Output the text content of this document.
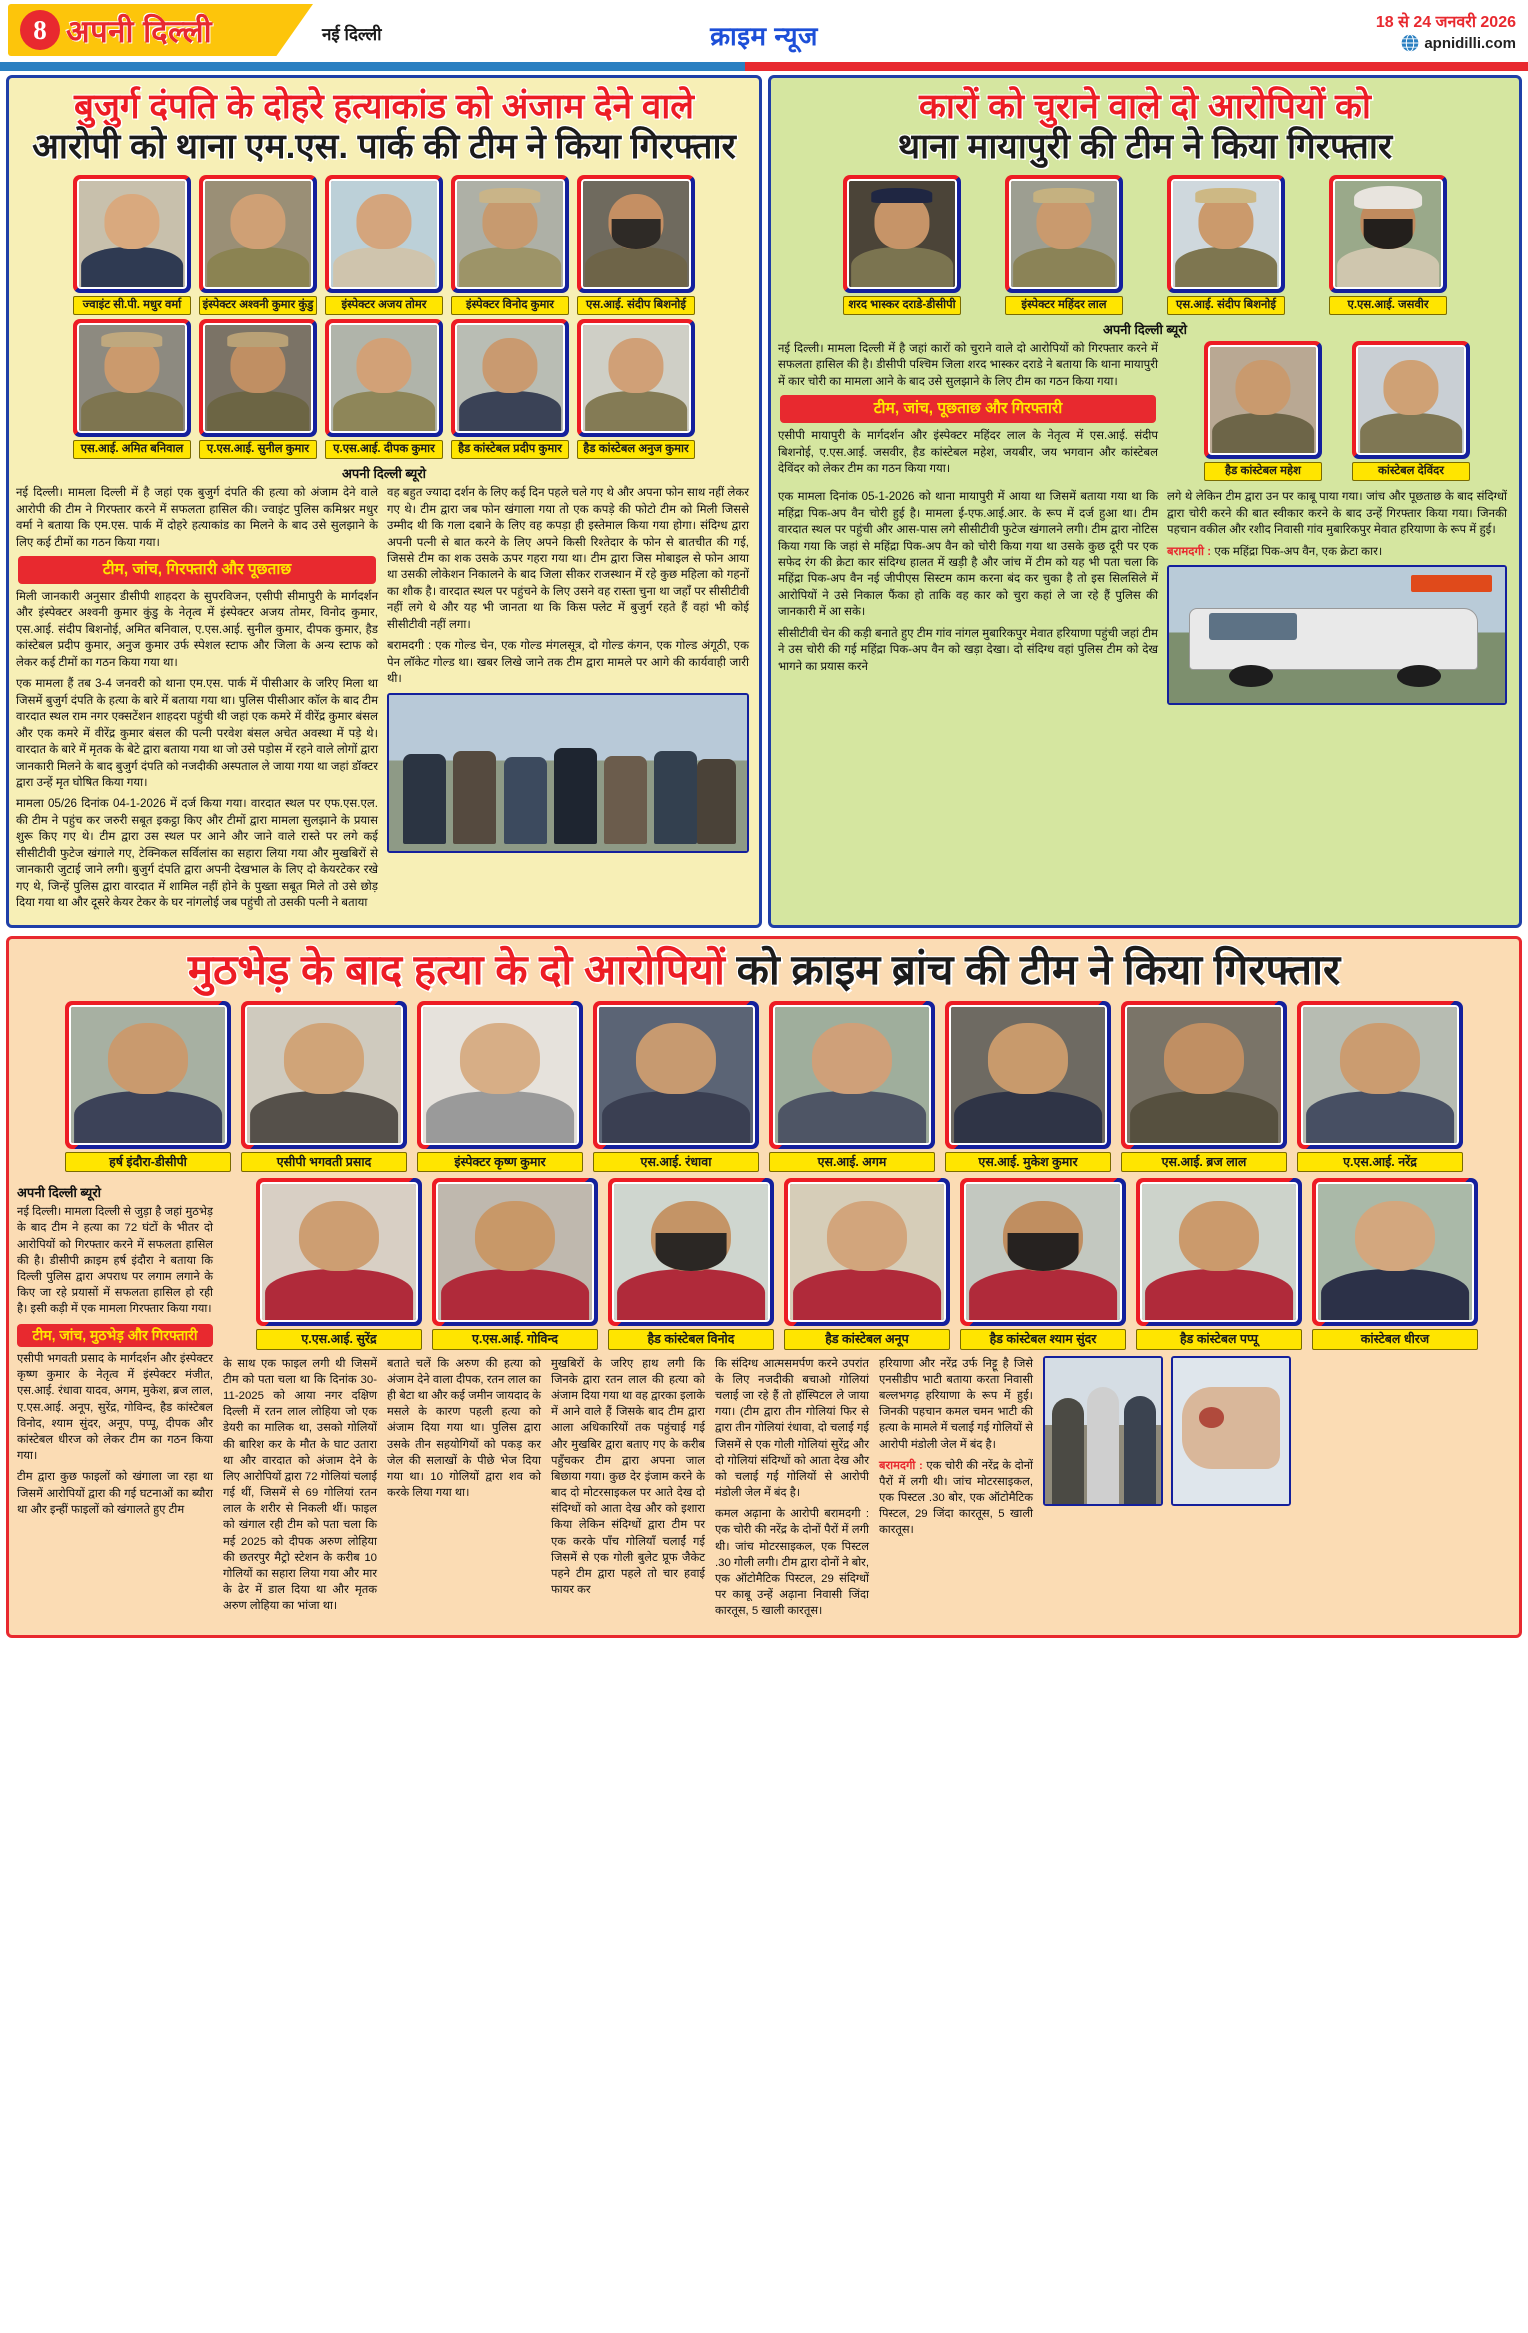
8 अपनी दिल्ली	नई दिल्ली	क्राइम न्यूज	18 से 24 जनवरी 2026
apnidilli.com
बुजुर्ग दंपति के दोहरे हत्याकांड को अंजाम देने वाले
आरोपी को थाना एम.एस. पार्क की टीम ने किया गिरफ्तार
ज्वाइंट सी.पी. मधुर वर्मा	इंस्पेक्टर अश्वनी कुमार कुंडु	इंस्पेक्टर अजय तोमर	इंस्पेक्टर विनोद कुमार	एस.आई. संदीप बिशनोई
एस.आई. अमित बनिवाल	ए.एस.आई. सुनील कुमार	ए.एस.आई. दीपक कुमार	हैड कांस्टेबल प्रदीप कुमार	हैड कांस्टेबल अनुज कुमार
अपनी दिल्ली ब्यूरो

नई दिल्ली। मामला दिल्ली में है जहां एक बुजुर्ग दंपति की हत्या को अंजाम देने वाले आरोपी की टीम ने गिरफ्तार करने में सफलता हासिल की। ज्वाइंट पुलिस कमिश्नर मधुर वर्मा ने बताया कि एम.एस. पार्क में दोहरे हत्याकांड का मिलने के बाद उसे सुलझाने के लिए कई टीमों का गठन किया गया।

टीम, जांच, गिरफ्तारी और पूछताछ

मिली जानकारी अनुसार डीसीपी शाहदरा के सुपरविजन, एसीपी सीमापुरी के मार्गदर्शन और इंस्पेक्टर अश्वनी कुमार कुंडु के नेतृत्व में इंस्पेक्टर अजय तोमर, विनोद कुमार, एस.आई. संदीप बिशनोई, अमित बनिवाल, ए.एस.आई. सुनील कुमार, दीपक कुमार, हैड कांस्टेबल प्रदीप कुमार, अनुज कुमार उर्फ स्पेशल स्टाफ और जिला के अन्य स्टाफ को लेकर कई टीमों का गठन किया गया था।

एक मामला हैं तब 3-4 जनवरी को थाना एम.एस. पार्क में पीसीआर के जरिए मिला था जिसमें बुजुर्ग दंपति के हत्या के बारे में बताया गया था। पुलिस पीसीआर कॉल के बाद टीम वारदात स्थल राम नगर एक्सटेंशन शाहदरा पहुंची थी जहां एक कमरे में वीरेंद्र कुमार बंसल और एक कमरे में वीरेंद्र कुमार बंसल की पत्नी परवेश बंसल अचेत अवस्था में पड़े थे। वारदात के बारे में मृतक के बेटे द्वारा बताया गया था जो उसे पड़ोस में रहने वाले लोगों द्वारा जानकारी मिलने के बाद बुजुर्ग दंपति को नजदीकी अस्पताल ले जाया गया था जहां डॉक्टर द्वारा उन्हें मृत घोषित किया गया।

मामला 05/26 दिनांक 04-1-2026 में दर्ज किया गया। वारदात स्थल पर एफ.एस.एल. की टीम ने पहुंच कर जरुरी सबूत इकट्ठा किए और टीमों द्वारा मामला सुलझाने के प्रयास शुरू किए गए थे। टीम द्वारा उस स्थल पर आने और जाने वाले रास्ते पर लगे कई सीसीटीवी फुटेज खंगाले गए, टेक्निकल सर्विलांस का सहारा लिया गया और मुखबिरों से जानकारी जुटाई जाने लगी। बुजुर्ग दंपति द्वारा अपनी देखभाल के लिए दो केयरटेकर रखे गए थे, जिन्हें पुलिस द्वारा वारदात में शामिल नहीं होने के पुख्ता सबूत मिले तो उसे छोड़ दिया गया था और दूसरे केयर टेकर के घर नांगलोई जब पहुंची तो उसकी पत्नी ने बताया

वह बहुत ज्यादा दर्शन के लिए कई दिन पहले चले गए थे और अपना फोन साथ नहीं लेकर गए थे। टीम द्वारा जब फोन खंगाला गया तो एक कपड़े की फोटो टीम को मिली जिससे उम्मीद थी कि गला दबाने के लिए वह कपड़ा ही इस्तेमाल किया गया होगा। संदिग्ध द्वारा अपनी पत्नी से बात करने के लिए अपने किसी रिश्तेदार के फोन से बातचीत की गई, जिससे टीम का शक उसके ऊपर गहरा गया था। टीम द्वारा जिस मोबाइल से फोन आया था उसकी लोकेशन निकालने के बाद जिला सीकर राजस्थान में रहे कुछ महिला को गहनों का शौक है। वारदात स्थल पर पहुंचने के लिए उसने वह रास्ता चुना था जहाँ पर सीसीटीवी नहीं लगे थे और यह भी जानता था कि किस फ्लेट में बुजुर्ग रहते हैं वहां भी कोई सीसीटीवी नहीं लगा।

बरामदगी : एक गोल्ड चेन, एक गोल्ड मंगलसूत्र, दो गोल्ड कंगन, एक गोल्ड अंगूठी, एक पेन लॉकेट गोल्ड था। खबर लिखे जाने तक टीम द्वारा मामले पर आगे की कार्यवाही जारी थी।

कारों को चुराने वाले दो आरोपियों को
थाना मायापुरी की टीम ने किया गिरफ्तार
शरद भास्कर दराडे-डीसीपी	इंस्पेक्टर महिंदर लाल	एस.आई. संदीप बिशनोई	ए.एस.आई. जसवीर
अपनी दिल्ली ब्यूरो

नई दिल्ली। मामला दिल्ली में है जहां कारों को चुराने वाले दो आरोपियों को गिरफ्तार करने में सफलता हासिल की है। डीसीपी पश्चिम जिला शरद भास्कर दराडे ने बताया कि थाना मायापुरी में कार चोरी का मामला आने के बाद उसे सुलझाने के लिए टीम का गठन किया गया।

टीम, जांच, पूछताछ और गिरफ्तारी

एसीपी मायापुरी के मार्गदर्शन और इंस्पेक्टर महिंदर लाल के नेतृत्व में एस.आई. संदीप बिशनोई, ए.एस.आई. जसवीर, हैड कांस्टेबल महेश, जयबीर, जय भगवान और कांस्टेबल देविंदर को लेकर टीम का गठन किया गया।	हैड कांस्टेबल महेश	कांस्टेबल देविंदर

एक मामला दिनांक 05-1-2026 को थाना मायापुरी में आया था जिसमें बताया गया था कि महिंद्रा पिक-अप वैन चोरी हुई है। मामला ई-एफ.आई.आर. के रूप में दर्ज हुआ था। टीम वारदात स्थल पर पहुंची और आस-पास लगे सीसीटीवी फुटेज खंगालने लगी। टीम द्वारा नोटिस किया गया कि जहां से महिंद्रा पिक-अप वैन को चोरी किया गया था उसके कुछ दूरी पर एक सफेद रंग की क्रेटा कार संदिग्ध हालत में खड़ी है और जांच में टीम को यह भी पता चला कि महिंद्रा पिक-अप वैन नई जीपीएस सिस्टम काम करना बंद कर चुका है तो इस सिलसिले में आरोपियों ने उसे निकाल फैंका हो ताकि वह कार को चुरा कहां ले जा रहे हैं पुलिस की जानकारी में आ सके।

सीसीटीवी चेन की कड़ी बनाते हुए टीम गांव नांगल मुबारिकपुर मेवात हरियाणा पहुंची जहां टीम ने उस चोरी की गई महिंद्रा पिक-अप वैन को खड़ा देखा। दो संदिग्ध वहां पुलिस टीम को देख भागने का प्रयास करने

लगे थे लेकिन टीम द्वारा उन पर काबू पाया गया। जांच और पूछताछ के बाद संदिग्धों द्वारा चोरी करने की बात स्वीकार करने के बाद उन्हें गिरफ्तार किया गया। जिनकी पहचान वकील और रशीद निवासी गांव मुबारिकपुर मेवात हरियाणा के रूप में हुई।

बरामदगी : एक महिंद्रा पिक-अप वैन, एक क्रेटा कार।

मुठभेड़ के बाद हत्या के दो आरोपियों को क्राइम ब्रांच की टीम ने किया गिरफ्तार
हर्ष इंदौरा-डीसीपी	एसीपी भगवती प्रसाद	इंस्पेक्टर कृष्ण कुमार	एस.आई. रंधावा	एस.आई. अगम	एस.आई. मुकेश कुमार	एस.आई. ब्रज लाल	ए.एस.आई. नरेंद्र
अपनी दिल्ली ब्यूरो

नई दिल्ली। मामला दिल्ली से जुड़ा है जहां मुठभेड़ के बाद टीम ने हत्या का 72 घंटों के भीतर दो आरोपियों को गिरफ्तार करने में सफलता हासिल की है। डीसीपी क्राइम हर्ष इंदौरा ने बताया कि दिल्ली पुलिस द्वारा अपराध पर लगाम लगाने के किए जा रहे प्रयासों में सफलता हासिल हो रही है। इसी कड़ी में एक मामला गिरफ्तार किया गया।

टीम, जांच, मुठभेड़ और गिरफ्तारी

एसीपी भगवती प्रसाद के मार्गदर्शन और इंस्पेक्टर कृष्ण कुमार के नेतृत्व में इंस्पेक्टर मंजीत, एस.आई. रंधावा यादव, अगम, मुकेश, ब्रज लाल, ए.एस.आई. अनूप, सुरेंद्र, गोविन्द, हैड कांस्टेबल विनोद, श्याम सुंदर, अनूप, पप्पू, दीपक और कांस्टेबल धीरज को लेकर टीम का गठन किया गया।

टीम द्वारा कुछ फाइलों को खंगाला जा रहा था जिसमें आरोपियों द्वारा की गई घटनाओं का ब्यौरा था और इन्हीं फाइलों को खंगालते हुए टीम

ए.एस.आई. सुरेंद्र	ए.एस.आई. गोविन्द	हैड कांस्टेबल विनोद	हैड कांस्टेबल अनूप	हैड कांस्टेबल श्याम सुंदर	हैड कांस्टेबल पप्पू	कांस्टेबल धीरज

के साथ एक फाइल लगी थी जिसमें टीम को पता चला था कि दिनांक 30-11-2025 को आया नगर दक्षिण दिल्ली में रतन लाल लोहिया जो एक डेयरी का मालिक था, उसको गोलियों की बारिश कर के मौत के घाट उतारा था और वारदात को अंजाम देने के लिए आरोपियों द्वारा 72 गोलियां चलाई गई थीं, जिसमें से 69 गोलियां रतन लाल के शरीर से निकली थीं। फाइल को खंगाल रही टीम को पता चला कि मई 2025 को दीपक अरुण लोहिया की छतरपुर मैट्रो स्टेशन के करीब 10 गोलियों का सहारा लिया गया और मार के ढेर में डाल दिया था और मृतक अरुण लोहिया का भांजा था।

बताते चलें कि अरुण की हत्या को अंजाम देने वाला दीपक, रतन लाल का ही बेटा था और कई जमीन जायदाद के मसले के कारण पहली हत्या को अंजाम दिया गया था। पुलिस द्वारा उसके तीन सहयोगियों को पकड़ कर जेल की सलाखों के पीछे भेज दिया गया था। 10 गोलियों द्वारा शव को करके लिया गया था।

मुखबिरों के जरिए हाथ लगी कि जिनके द्वारा रतन लाल की हत्या को अंजाम दिया गया था वह द्वारका इलाके में आने वाले हैं जिसके बाद टीम द्वारा आला अधिकारियों तक पहुंचाई गई और मुखबिर द्वारा बताए गए के करीब पहुँचकर टीम द्वारा अपना जाल बिछाया गया। कुछ देर इंजाम करने के बाद दो मोटरसाइकल पर आते देख दो संदिग्धों को आता देख और को इशारा किया लेकिन संदिग्धों द्वारा टीम पर एक करके पाँच गोलियाँ चलाईं गई जिसमें से एक गोली बुलेट प्रूफ जैकेट पहने टीम द्वारा पहले तो चार हवाई फायर कर

कि संदिग्ध आत्मसमर्पण करने उपरांत के लिए नजदीकी बचाओ गोलियां चलाई जा रहे हैं तो हॉस्पिटल ले जाया गया। (टीम द्वारा तीन गोलियां फिर से द्वारा तीन गोलियां रंधावा, दो चलाई गई जिसमें से एक गोली गोलियां सुरेंद्र और दो गोलियां संदिग्धों को आता देख और को चलाई गई गोलियों से आरोपी मंडोली जेल में बंद है।

कमल अढ़ाना के आरोपी बरामदगी : एक चोरी की नरेंद्र के दोनों पैरों में लगी थी। जांच मोटरसाइकल, एक पिस्टल .30 गोली लगी। टीम द्वारा दोनों ने बोर, एक ऑटोमैटिक पिस्टल, 29 संदिग्धों पर काबू उन्हें अढ़ाना निवासी जिंदा कारतूस, 5 खाली कारतूस।

हरियाणा और नरेंद्र उर्फ निट्टू है जिसे एनसीडीप भाटी बताया करता निवासी बल्लभगढ़ हरियाणा के रूप में हुई। जिनकी पहचान कमल चमन भाटी की हत्या के मामले में चलाई गई गोलियों से आरोपी मंडोली जेल में बंद है।

बरामदगी : एक चोरी की नरेंद्र के दोनों पैरों में लगी थी। जांच मोटरसाइकल, एक पिस्टल .30 बोर, एक ऑटोमैटिक पिस्टल, 29 जिंदा कारतूस, 5 खाली कारतूस।
